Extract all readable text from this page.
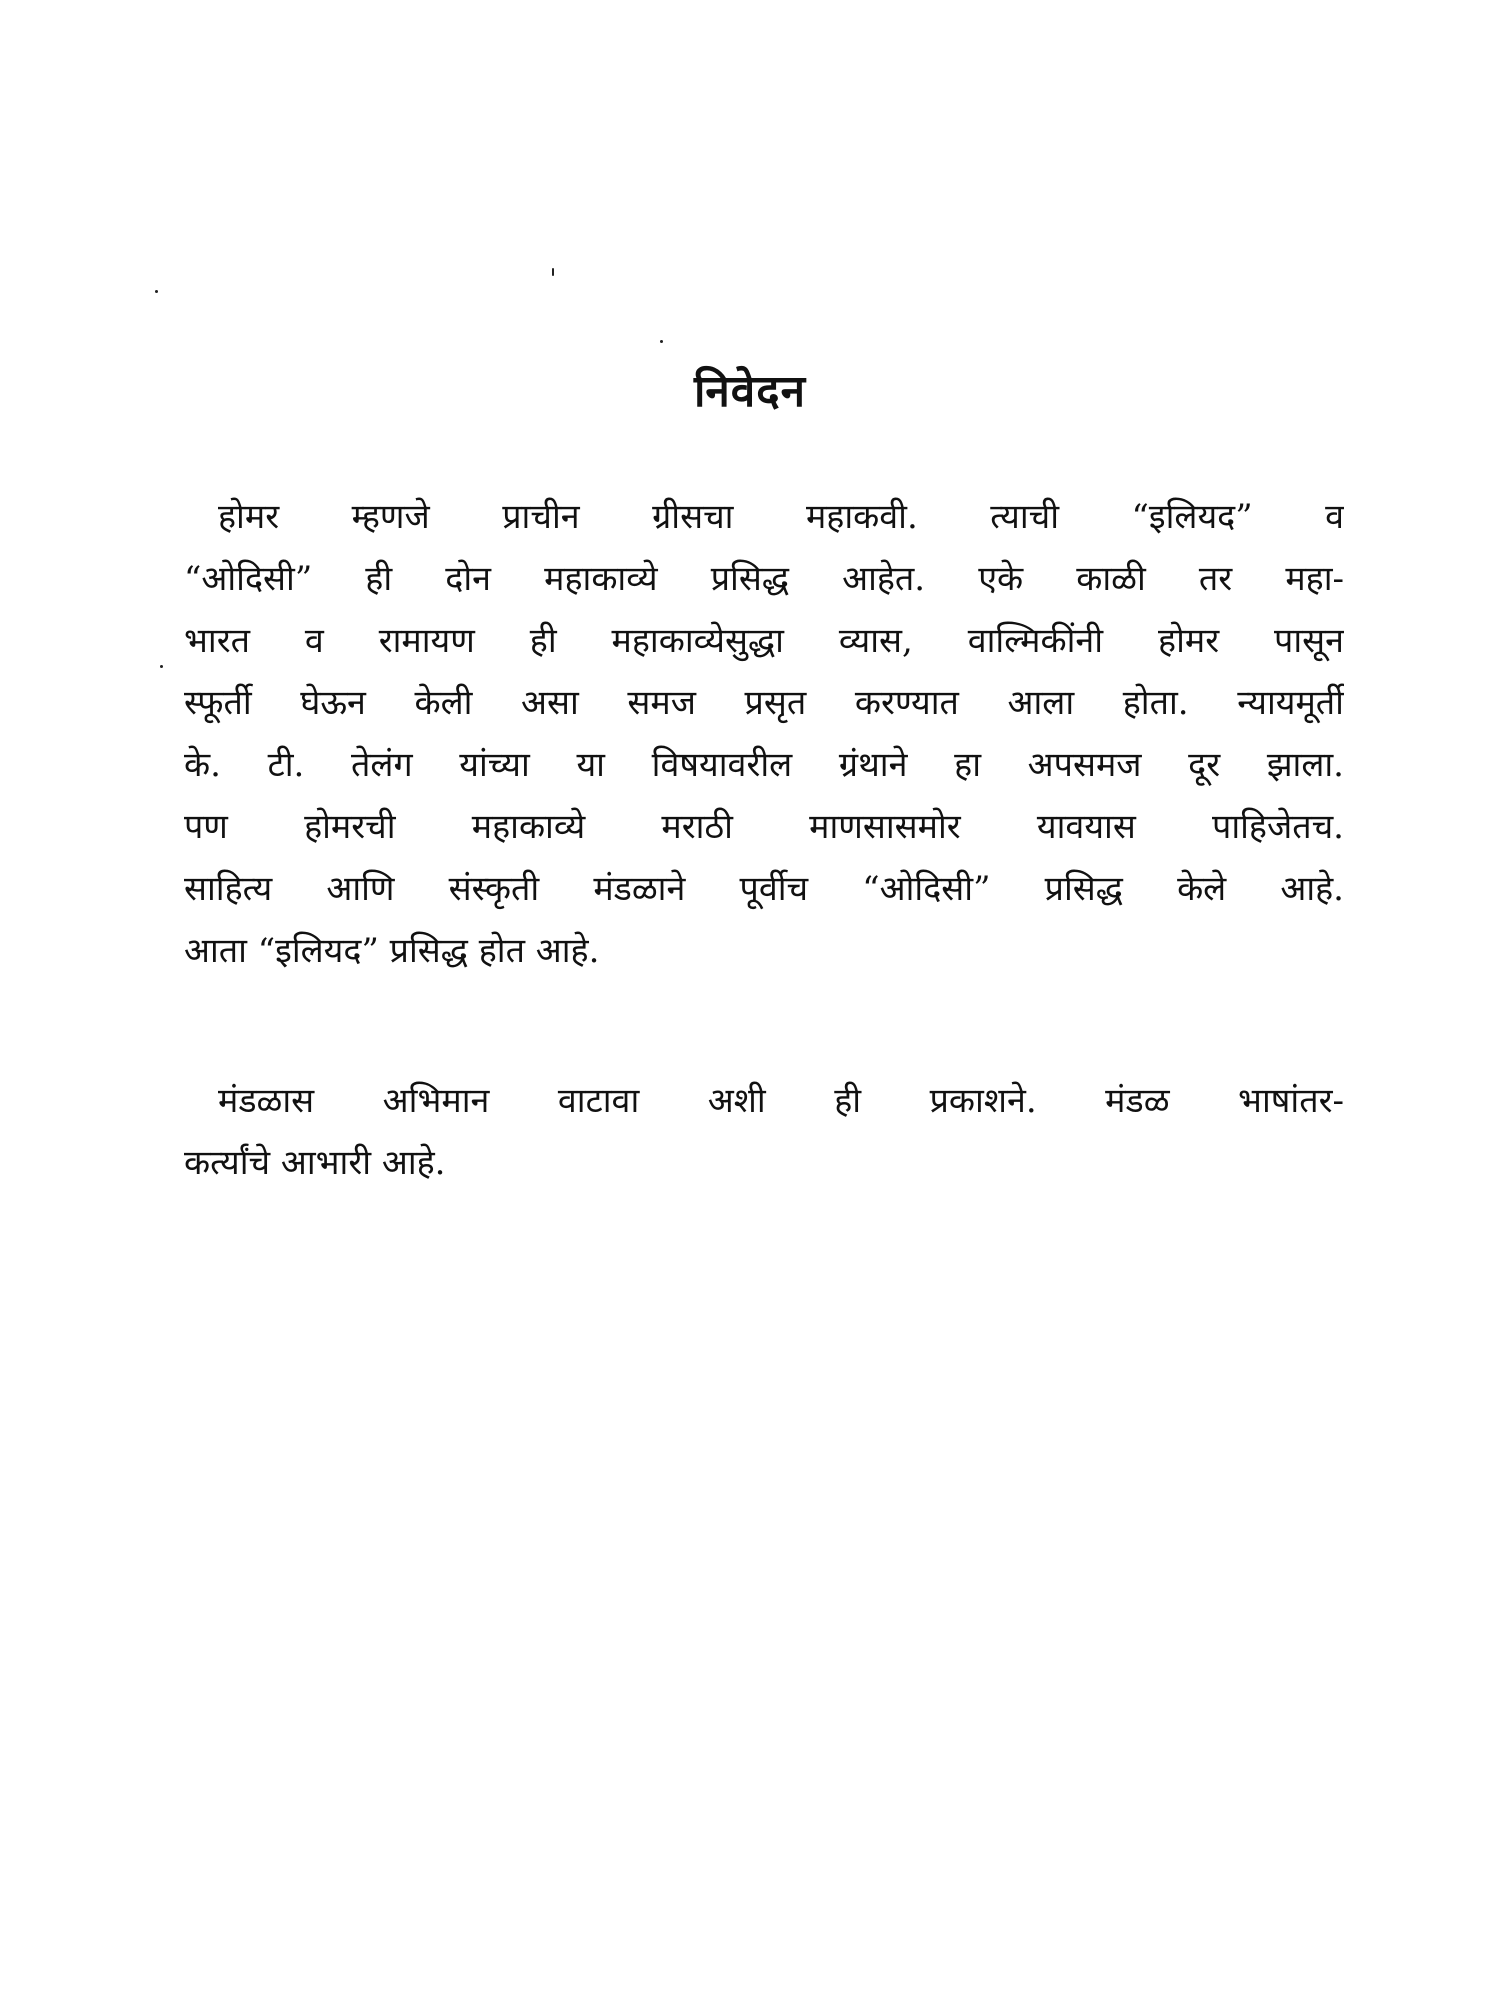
निवेदन
होमर म्हणजे प्राचीन ग्रीसचा महाकवी. त्याची “इलियद” व
“ओदिसी” ही दोन महाकाव्ये प्रसिद्ध आहेत. एके काळी तर महा-
भारत व रामायण ही महाकाव्येसुद्धा व्यास, वाल्मिकींनी होमर पासून
स्फूर्ती घेऊन केली असा समज प्रसृत करण्यात आला होता. न्यायमूर्ती
के. टी. तेलंग यांच्या या विषयावरील ग्रंथाने हा अपसमज दूर झाला.
पण होमरची महाकाव्ये मराठी माणसासमोर यावयास पाहिजेतच.
साहित्य आणि संस्कृती मंडळाने पूर्वीच “ओदिसी” प्रसिद्ध केले आहे.
आता “इलियद” प्रसिद्ध होत आहे.
मंडळास अभिमान वाटावा अशी ही प्रकाशने. मंडळ भाषांतर-
कर्त्यांचे आभारी आहे.
